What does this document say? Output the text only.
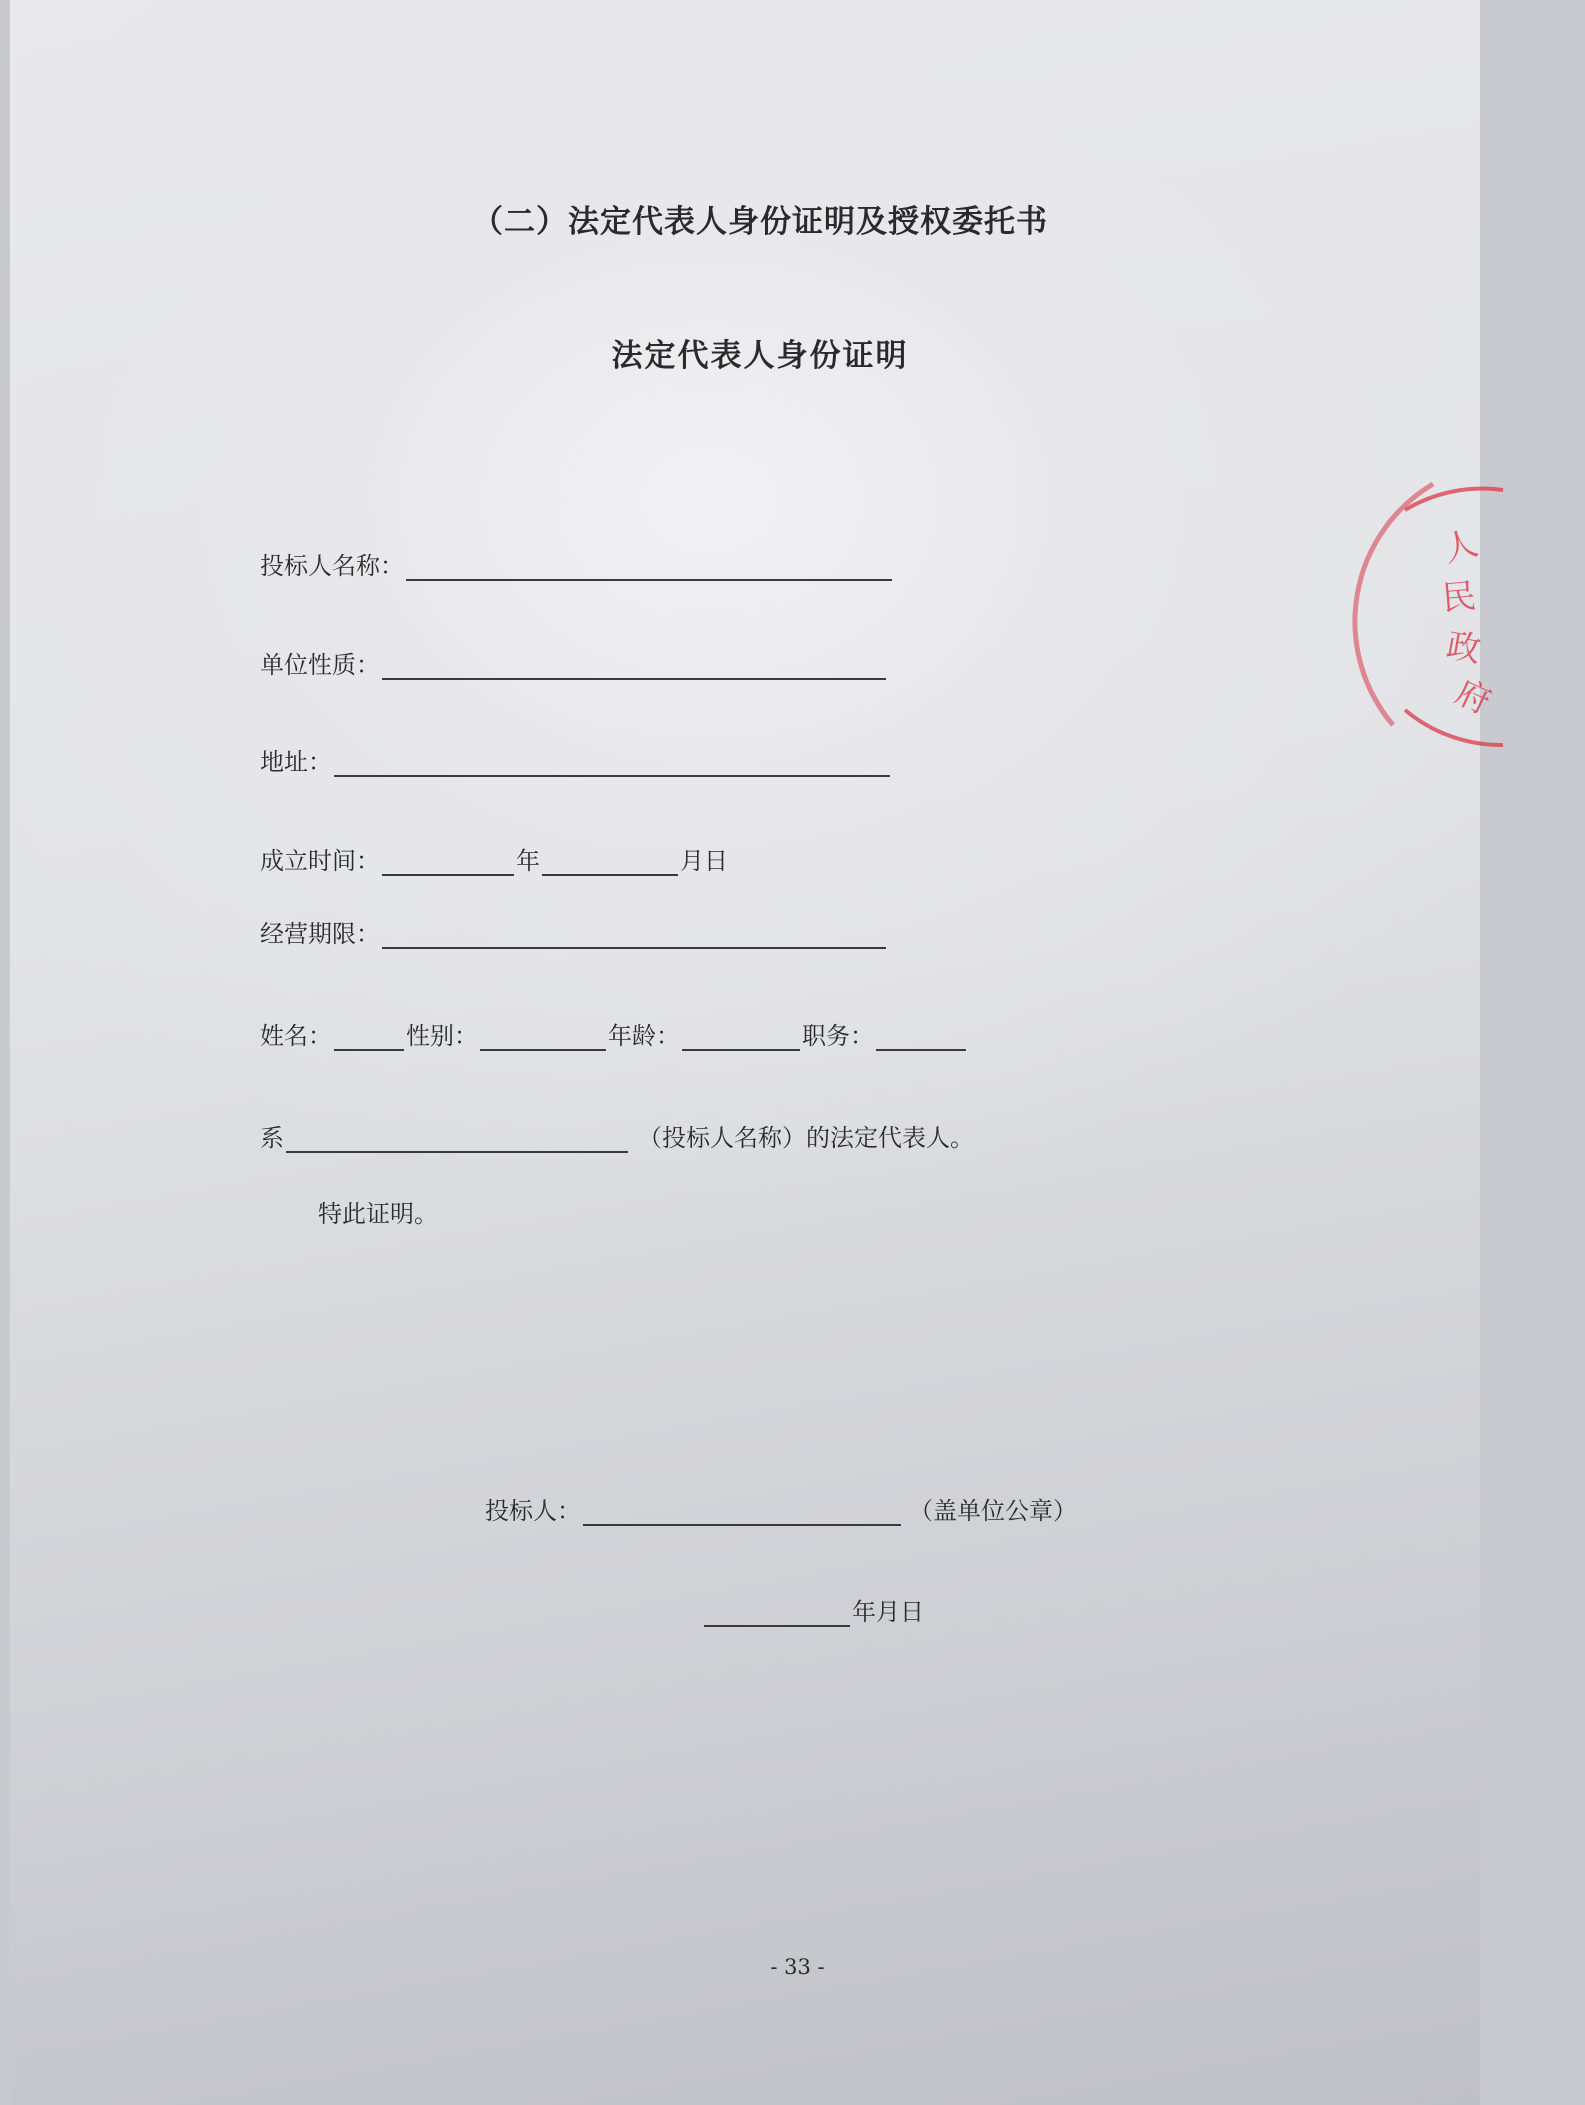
（二）法定代表人身份证明及授权委托书
法定代表人身份证明
投标人名称：
单位性质：
地址：
成立时间：	年	月日
经营期限：
姓名：	性别：	年龄：	职务：
系	（投标人名称）的法定代表人。
特此证明。
投标人：	（盖单位公章）
年月日
人
民
政
府
- 33 -
